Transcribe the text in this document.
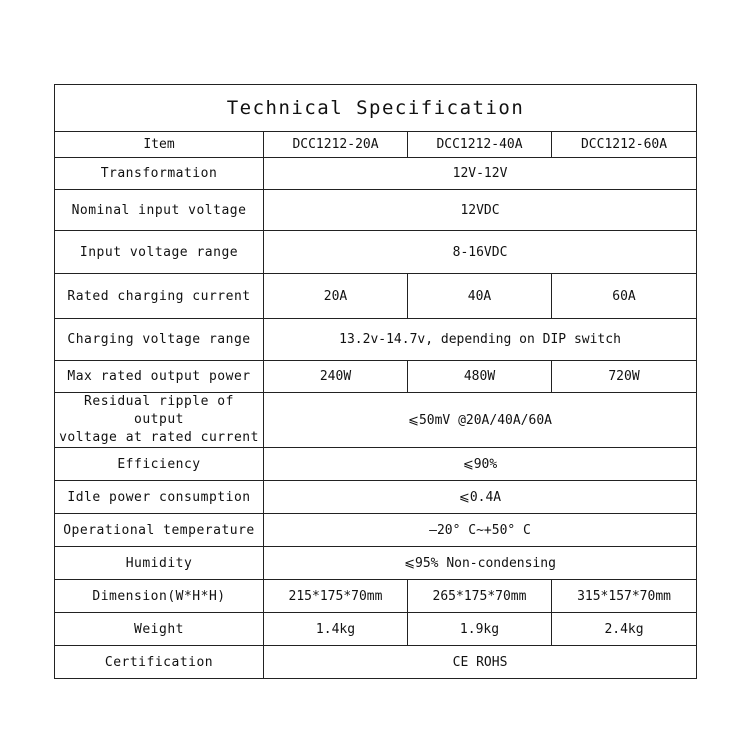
Technical Specification			
Item	DCC1212-20A	DCC1212-40A	DCC1212-60A
Transformation	12V-12V		
Nominal input voltage	12VDC		
Input voltage range	8-16VDC		
Rated charging current	20A	40A	60A
Charging voltage range	13.2v-14.7v, depending on DIP switch		
Max rated output power	240W	480W	720W

Residual ripple of output
voltage at rated current	⩽50mV @20A/40A/60A		
Efficiency	⩽90%		
Idle power consumption	⩽0.4A		
Operational temperature	—20° C~+50° C		
Humidity	⩽95% Non-condensing		
Dimension(W*H*H)	215*175*70mm	265*175*70mm	315*157*70mm
Weight	1.4kg	1.9kg	2.4kg
Certification	CE ROHS		
